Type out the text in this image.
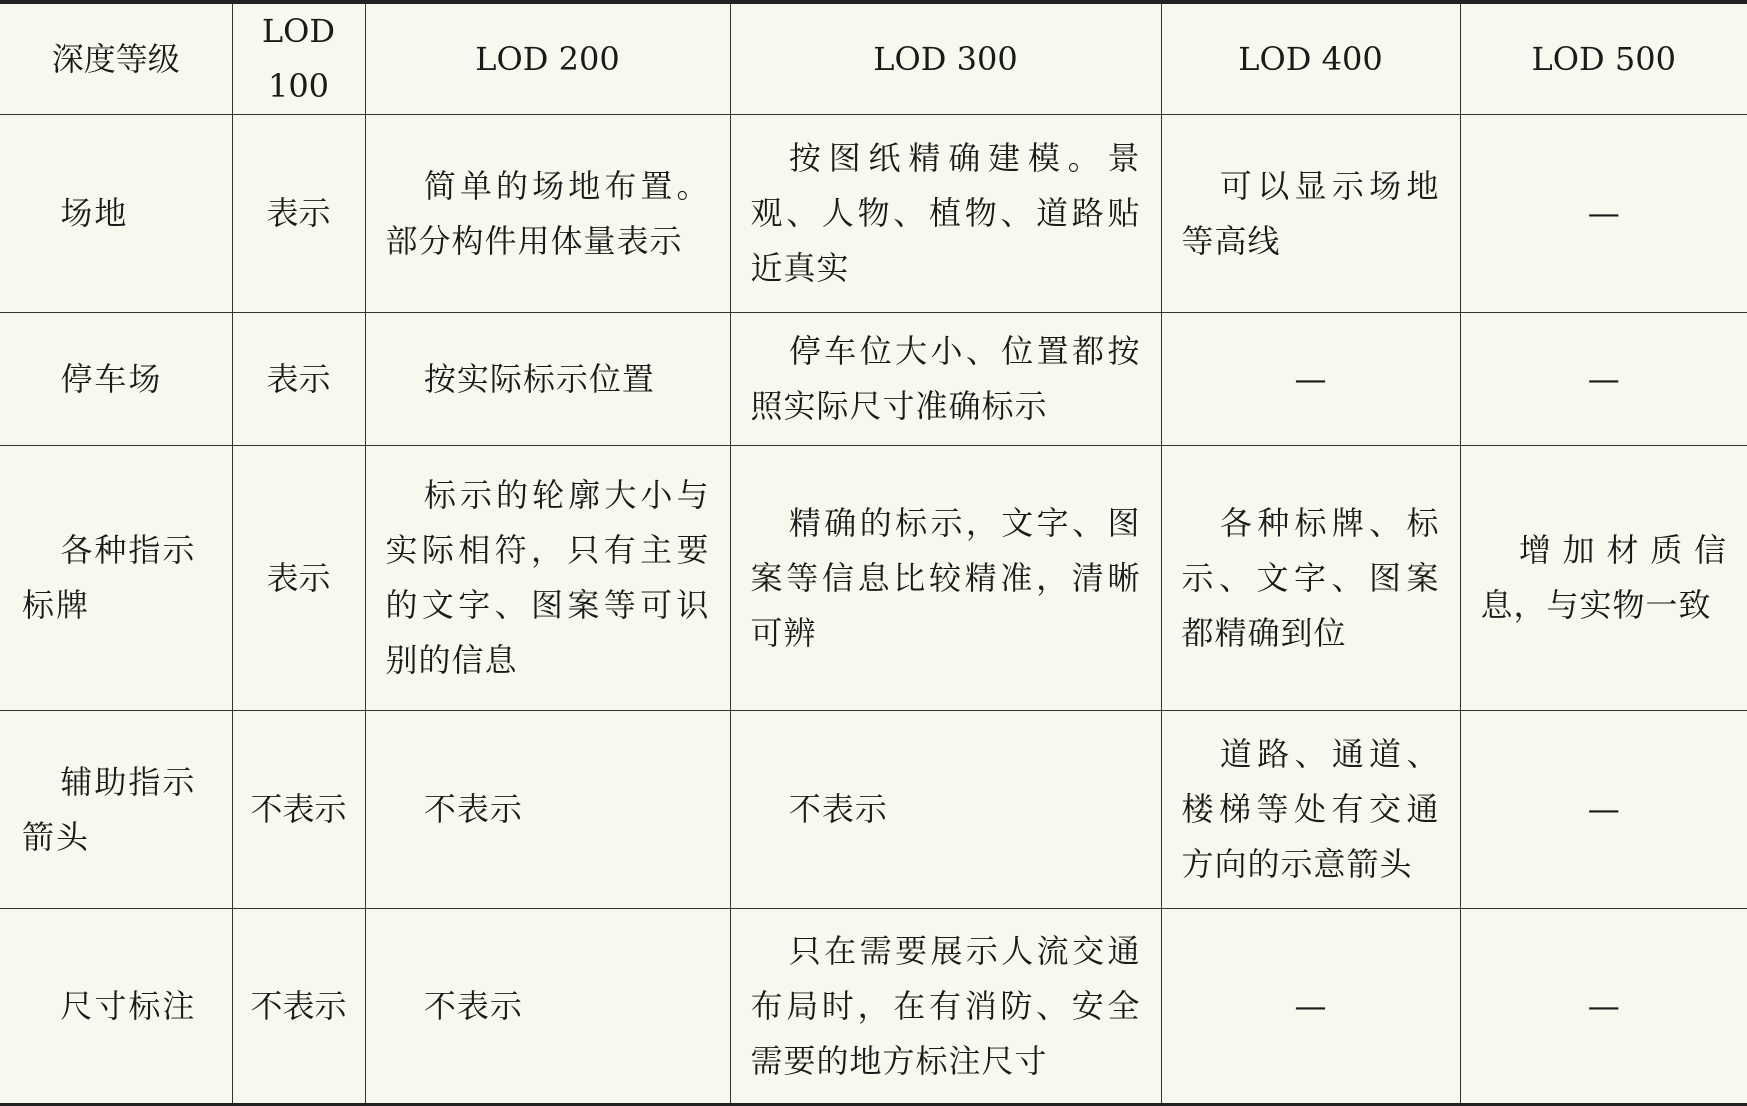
深度等级	LOD 100	LOD 200	LOD 300	LOD 400	LOD 500
场地	表示	简单的场地布置。部分构件用体量表示	按图纸精确建模。景观、人物、植物、道路贴近真实	可以显示场地等高线	—
停车场	表示	按实际标示位置	停车位大小、位置都按照实际尺寸准确标示	—	—
各种指示标牌	表示	标示的轮廓大小与实际相符，只有主要的文字、图案等可识别的信息	精确的标示，文字、图案等信息比较精准，清晰可辨	各种标牌、标示、文字、图案都精确到位	增加材质信息，与实物一致
辅助指示箭头	不表示	不表示	不表示	道路、通道、楼梯等处有交通方向的示意箭头	—
尺寸标注	不表示	不表示	只在需要展示人流交通布局时，在有消防、安全需要的地方标注尺寸	—	—
